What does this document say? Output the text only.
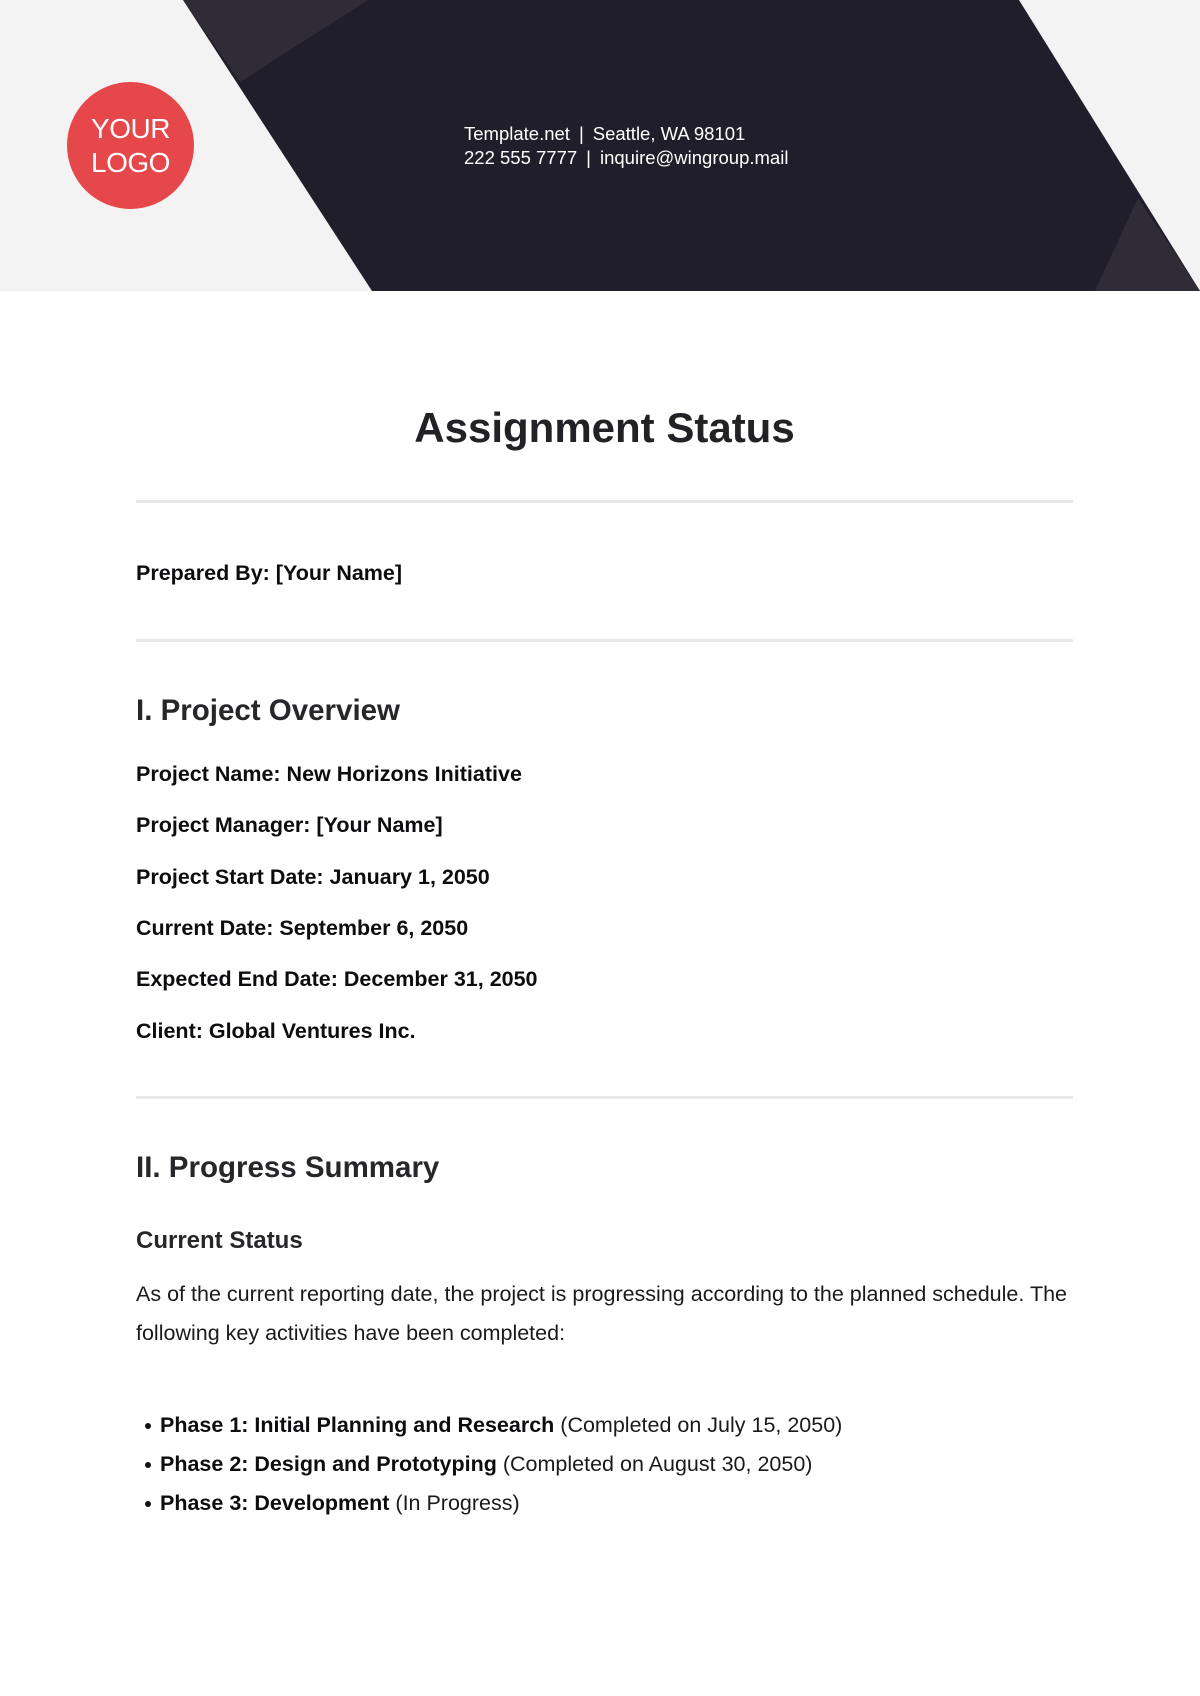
YOUR LOGO
Template.net | Seattle, WA 98101
222 555 7777 | inquire@wingroup.mail
Assignment Status
Prepared By: [Your Name]
I. Project Overview
Project Name: New Horizons Initiative
Project Manager: [Your Name]
Project Start Date: January 1, 2050
Current Date: September 6, 2050
Expected End Date: December 31, 2050
Client: Global Ventures Inc.
II. Progress Summary
Current Status

As of the current reporting date, the project is progressing according to the planned schedule. The following key activities have been completed:

Phase 1: Initial Planning and Research (Completed on July 15, 2050)
Phase 2: Design and Prototyping (Completed on August 30, 2050)
Phase 3: Development (In Progress)
